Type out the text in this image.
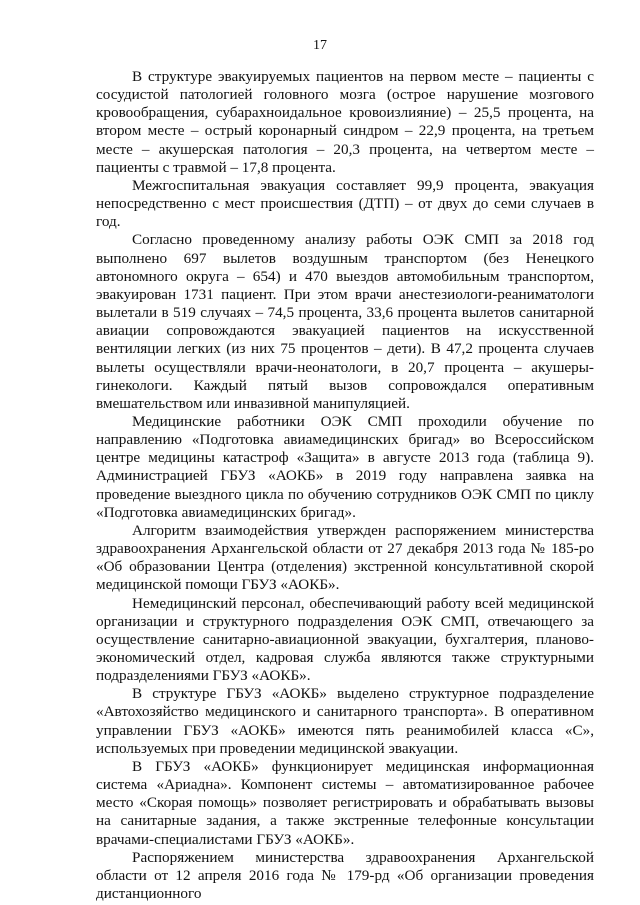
17

В структуре эвакуируемых пациентов на первом месте – пациенты с сосудистой патологией головного мозга (острое нарушение мозгового кровообращения, субарахноидальное кровоизлияние) – 25,5 процента, на втором месте – острый коронарный синдром – 22,9 процента, на третьем месте – акушерская патология – 20,3 процента, на четвертом месте – пациенты с травмой – 17,8 процента.

Межгоспитальная эвакуация составляет 99,9 процента, эвакуация непосредственно с мест происшествия (ДТП) – от двух до семи случаев в год.

Согласно проведенному анализу работы ОЭК СМП за 2018 год выполнено 697 вылетов воздушным транспортом (без Ненецкого автономного округа – 654) и 470 выездов автомобильным транспортом, эвакуирован 1731 пациент. При этом врачи анестезиологи-реаниматологи вылетали в 519 случаях – 74,5 процента, 33,6 процента вылетов санитарной авиации сопровождаются эвакуацией пациентов на искусственной вентиляции легких (из них 75 процентов – дети). В 47,2 процента случаев вылеты осуществляли врачи-неонатологи, в 20,7 процента – акушеры-гинекологи. Каждый пятый вызов сопровождался оперативным вмешательством или инвазивной манипуляцией.

Медицинские работники ОЭК СМП проходили обучение по направлению «Подготовка авиамедицинских бригад» во Всероссийском центре медицины катастроф «Защита» в августе 2013 года (таблица 9). Администрацией ГБУЗ «АОКБ» в 2019 году направлена заявка на проведение выездного цикла по обучению сотрудников ОЭК СМП по циклу «Подготовка авиамедицинских бригад».

Алгоритм взаимодействия утвержден распоряжением министерства здравоохранения Архангельской области от 27 декабря 2013 года № 185-ро «Об образовании Центра (отделения) экстренной консультативной скорой медицинской помощи ГБУЗ «АОКБ».

Немедицинский персонал, обеспечивающий работу всей медицинской организации и структурного подразделения ОЭК СМП, отвечающего за осуществление санитарно-авиационной эвакуации, бухгалтерия, планово-экономический отдел, кадровая служба являются также структурными подразделениями ГБУЗ «АОКБ».

В структуре ГБУЗ «АОКБ» выделено структурное подразделение «Автохозяйство медицинского и санитарного транспорта». В оперативном управлении ГБУЗ «АОКБ» имеются пять реанимобилей класса «С», используемых при проведении медицинской эвакуации.

В ГБУЗ «АОКБ» функционирует медицинская информационная система «Ариадна». Компонент системы – автоматизированное рабочее место «Скорая помощь» позволяет регистрировать и обрабатывать вызовы на санитарные задания, а также экстренные телефонные консультации врачами-специалистами ГБУЗ «АОКБ».

Распоряжением министерства здравоохранения Архангельской области от 12 апреля 2016 года № 179-рд «Об организации проведения дистанционного
